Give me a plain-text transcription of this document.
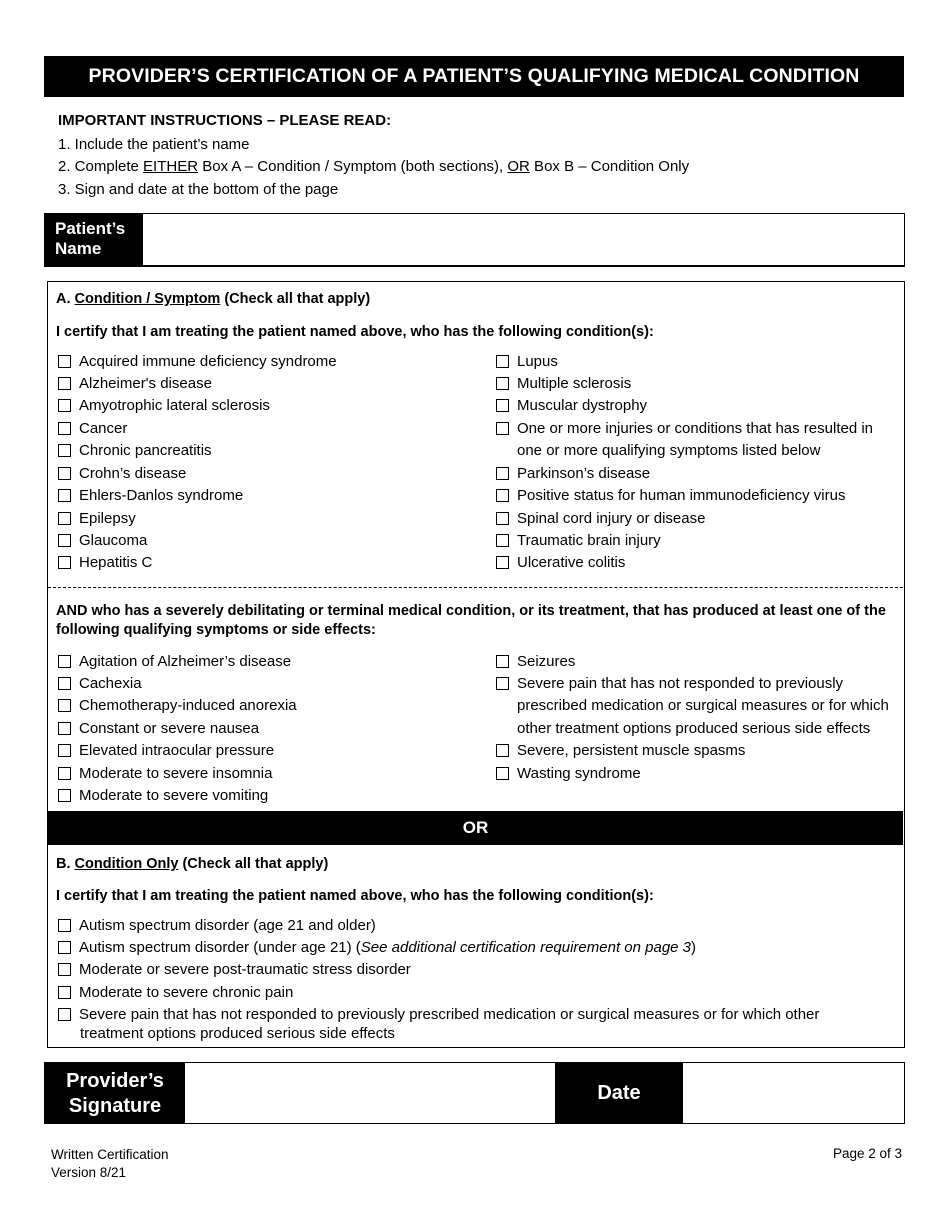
PROVIDER’S CERTIFICATION OF A PATIENT’S QUALIFYING MEDICAL CONDITION
IMPORTANT INSTRUCTIONS – PLEASE READ:
1. Include the patient’s name
2. Complete EITHER Box A – Condition / Symptom (both sections), OR Box B – Condition Only
3. Sign and date at the bottom of the page
Patient’s
Name
A. Condition / Symptom (Check all that apply)
I certify that I am treating the patient named above, who has the following condition(s):
Acquired immune deficiency syndrome
Alzheimer's disease
Amyotrophic lateral sclerosis
Cancer
Chronic pancreatitis
Crohn’s disease
Ehlers-Danlos syndrome
Epilepsy
Glaucoma
Hepatitis C
Lupus
Multiple sclerosis
Muscular dystrophy
One or more injuries or conditions that has resulted in
one or more qualifying symptoms listed below
Parkinson’s disease
Positive status for human immunodeficiency virus
Spinal cord injury or disease
Traumatic brain injury
Ulcerative colitis
AND who has a severely debilitating or terminal medical condition, or its treatment, that has produced at least one of the following qualifying symptoms or side effects:
Agitation of Alzheimer’s disease
Cachexia
Chemotherapy-induced anorexia
Constant or severe nausea
Elevated intraocular pressure
Moderate to severe insomnia
Moderate to severe vomiting
Seizures
Severe pain that has not responded to previously
prescribed medication or surgical measures or for which
other treatment options produced serious side effects
Severe, persistent muscle spasms
Wasting syndrome
OR
B. Condition Only (Check all that apply)
I certify that I am treating the patient named above, who has the following condition(s):
Autism spectrum disorder (age 21 and older)
Autism spectrum disorder (under age 21) (See additional certification requirement on page 3)
Moderate or severe post-traumatic stress disorder
Moderate to severe chronic pain
Severe pain that has not responded to previously prescribed medication or surgical measures or for which other
treatment options produced serious side effects
Provider’s
Signature
Date
Written Certification
Version 8/21
Page 2 of 3
